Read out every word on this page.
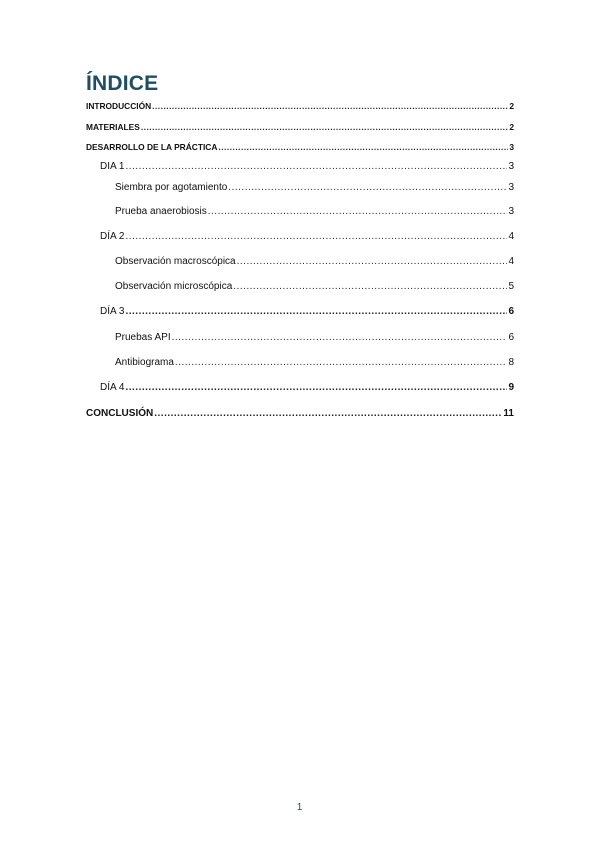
ÍNDICE
INTRODUCCIÓN .....	2
MATERIALES .....	2
DESARROLLO DE LA PRÁCTICA .....	3
DIA 1 .....	3
Siembra por agotamiento .....	3
Prueba anaerobiosis .....	3
DÍA 2 .....	4
Observación macroscópica .....	4
Observación microscópica .....	5
DÍA 3 .....	6
Pruebas API .....	6
Antibiograma .....	8
DÍA 4 .....	9
CONCLUSIÓN .....	11
1
